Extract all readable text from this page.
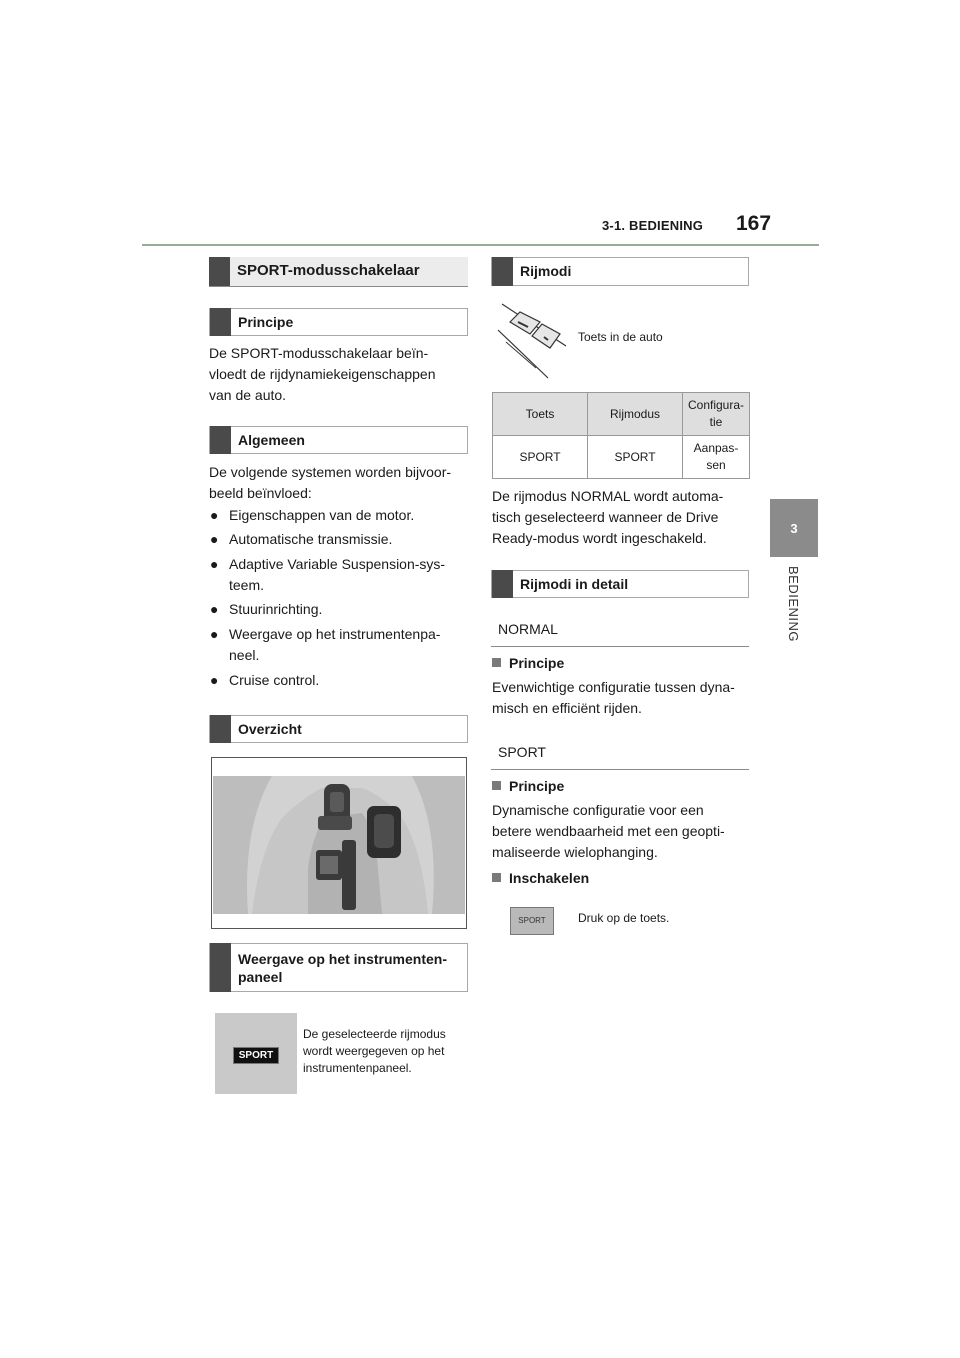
3-1. BEDIENING 167
3
BEDIENING
SPORT-modusschakelaar
Principe
De SPORT-modusschakelaar beïn-
vloedt de rijdynamiekeigenschappen
van de auto.
Algemeen
De volgende systemen worden bijvoor-
beeld beïnvloed:
● Eigenschappen van de motor.
● Automatische transmissie.
● Adaptive Variable Suspension-sys-
teem.
● Stuurinrichting.
● Weergave op het instrumentenpa-
neel.
● Cruise control.
Overzicht
Weergave op het instrumenten-
paneel
SPORT
De geselecteerde rijmodus
wordt weergegeven op het
instrumentenpaneel.
Rijmodi
Toets in de auto
Toets	Rijmodus	Configura-
tie

SPORT	SPORT	Aanpas-
sen
De rijmodus NORMAL wordt automa-
tisch geselecteerd wanneer de Drive
Ready-modus wordt ingeschakeld.
Rijmodi in detail
NORMAL
Principe
Evenwichtige configuratie tussen dyna-
misch en efficiënt rijden.
SPORT
Principe
Dynamische configuratie voor een
betere wendbaarheid met een geopti-
maliseerde wielophanging.
Inschakelen
SPORT	Druk op de toets.
